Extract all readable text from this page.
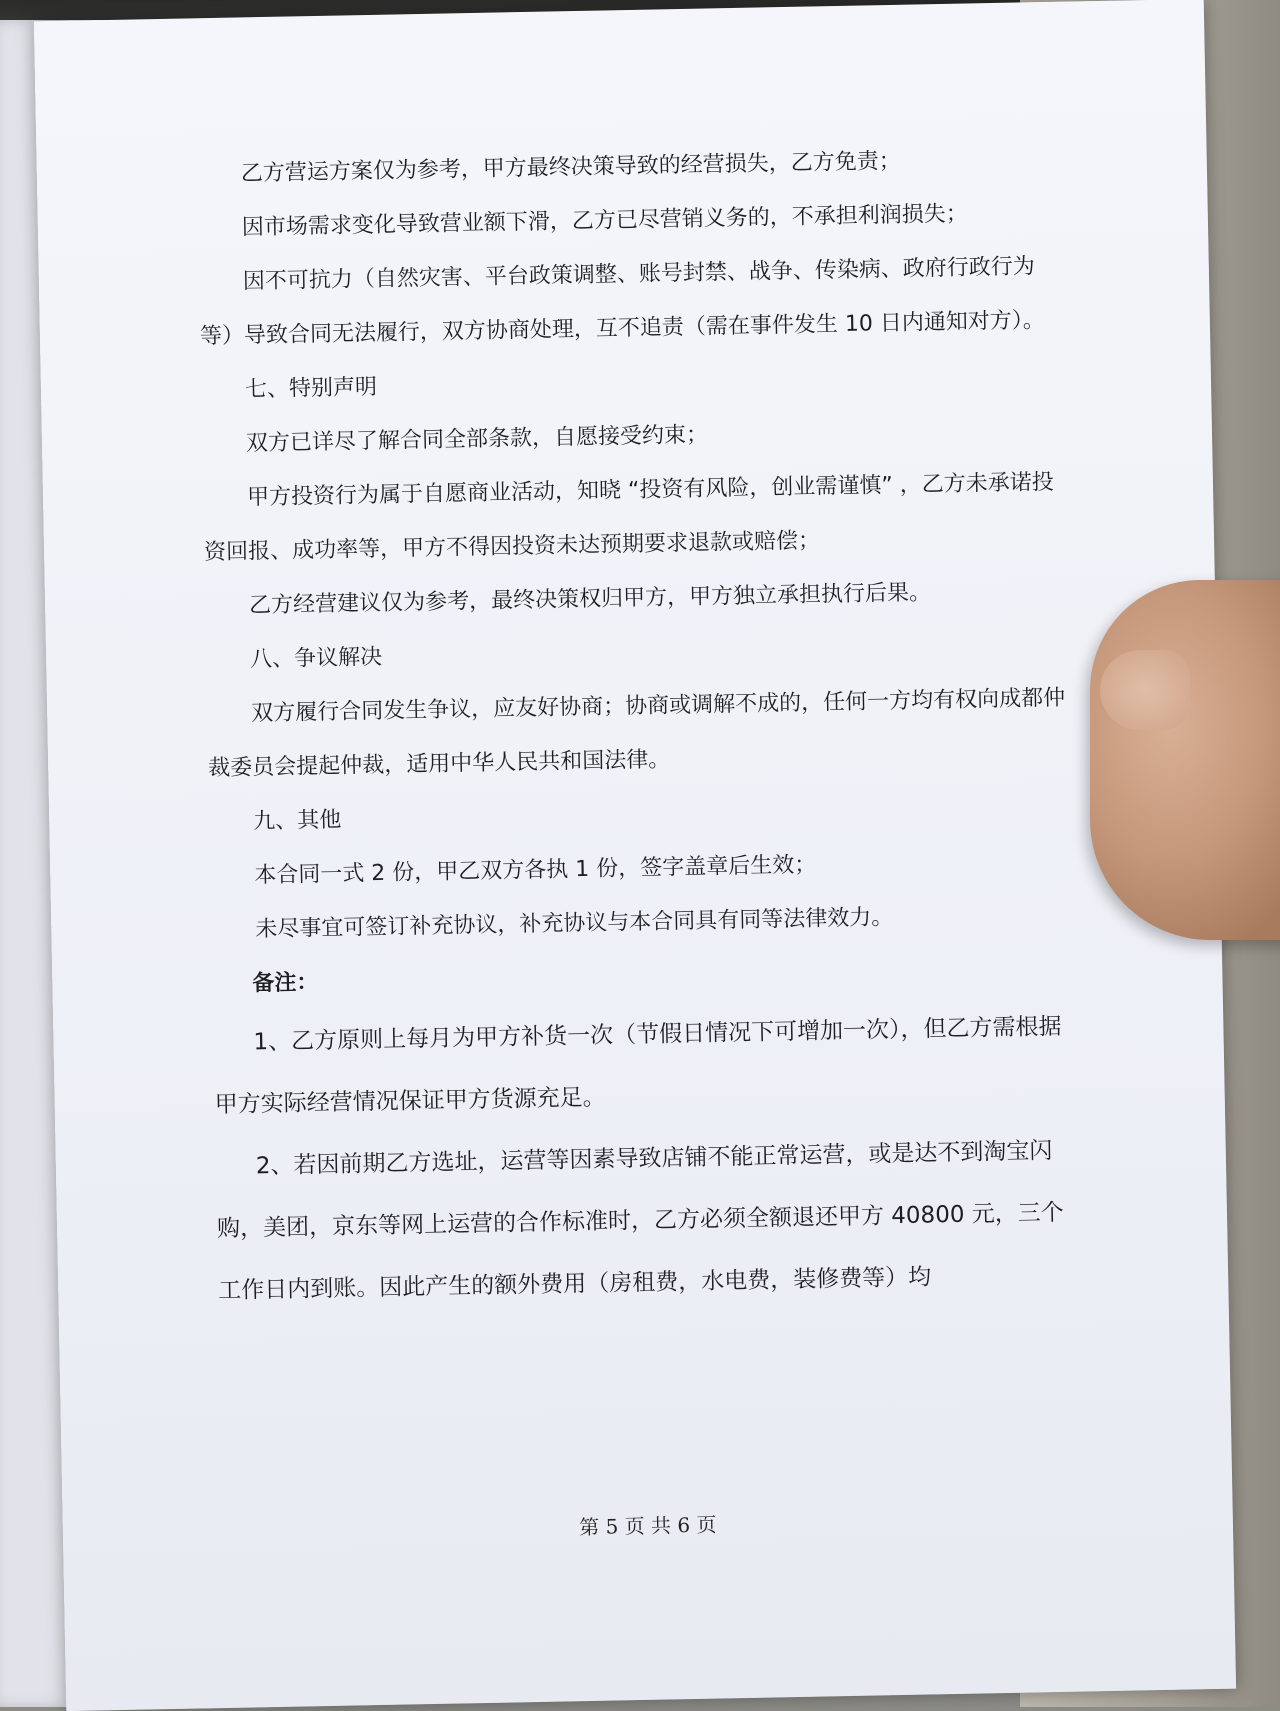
乙方营运方案仅为参考，甲方最终决策导致的经营损失，乙方免责；

因市场需求变化导致营业额下滑，乙方已尽营销义务的，不承担利润损失；

因不可抗力（自然灾害、平台政策调整、账号封禁、战争、传染病、政府行政行为等）导致合同无法履行，双方协商处理，互不追责（需在事件发生 10 日内通知对方）。

七、特别声明

双方已详尽了解合同全部条款，自愿接受约束；

甲方投资行为属于自愿商业活动，知晓 “投资有风险，创业需谨慎” ，乙方未承诺投资回报、成功率等，甲方不得因投资未达预期要求退款或赔偿；

乙方经营建议仅为参考，最终决策权归甲方，甲方独立承担执行后果。

八、争议解决

双方履行合同发生争议，应友好协商；协商或调解不成的，任何一方均有权向成都仲裁委员会提起仲裁，适用中华人民共和国法律。

九、其他

本合同一式 2 份，甲乙双方各执 1 份，签字盖章后生效；

未尽事宜可签订补充协议，补充协议与本合同具有同等法律效力。

备注：

1、乙方原则上每月为甲方补货一次（节假日情况下可增加一次），但乙方需根据甲方实际经营情况保证甲方货源充足。

2、若因前期乙方选址，运营等因素导致店铺不能正常运营，或是达不到淘宝闪购，美团，京东等网上运营的合作标准时，乙方必须全额退还甲方 40800 元，三个工作日内到账。因此产生的额外费用（房租费，水电费，装修费等）均

第 5 页 共 6 页
